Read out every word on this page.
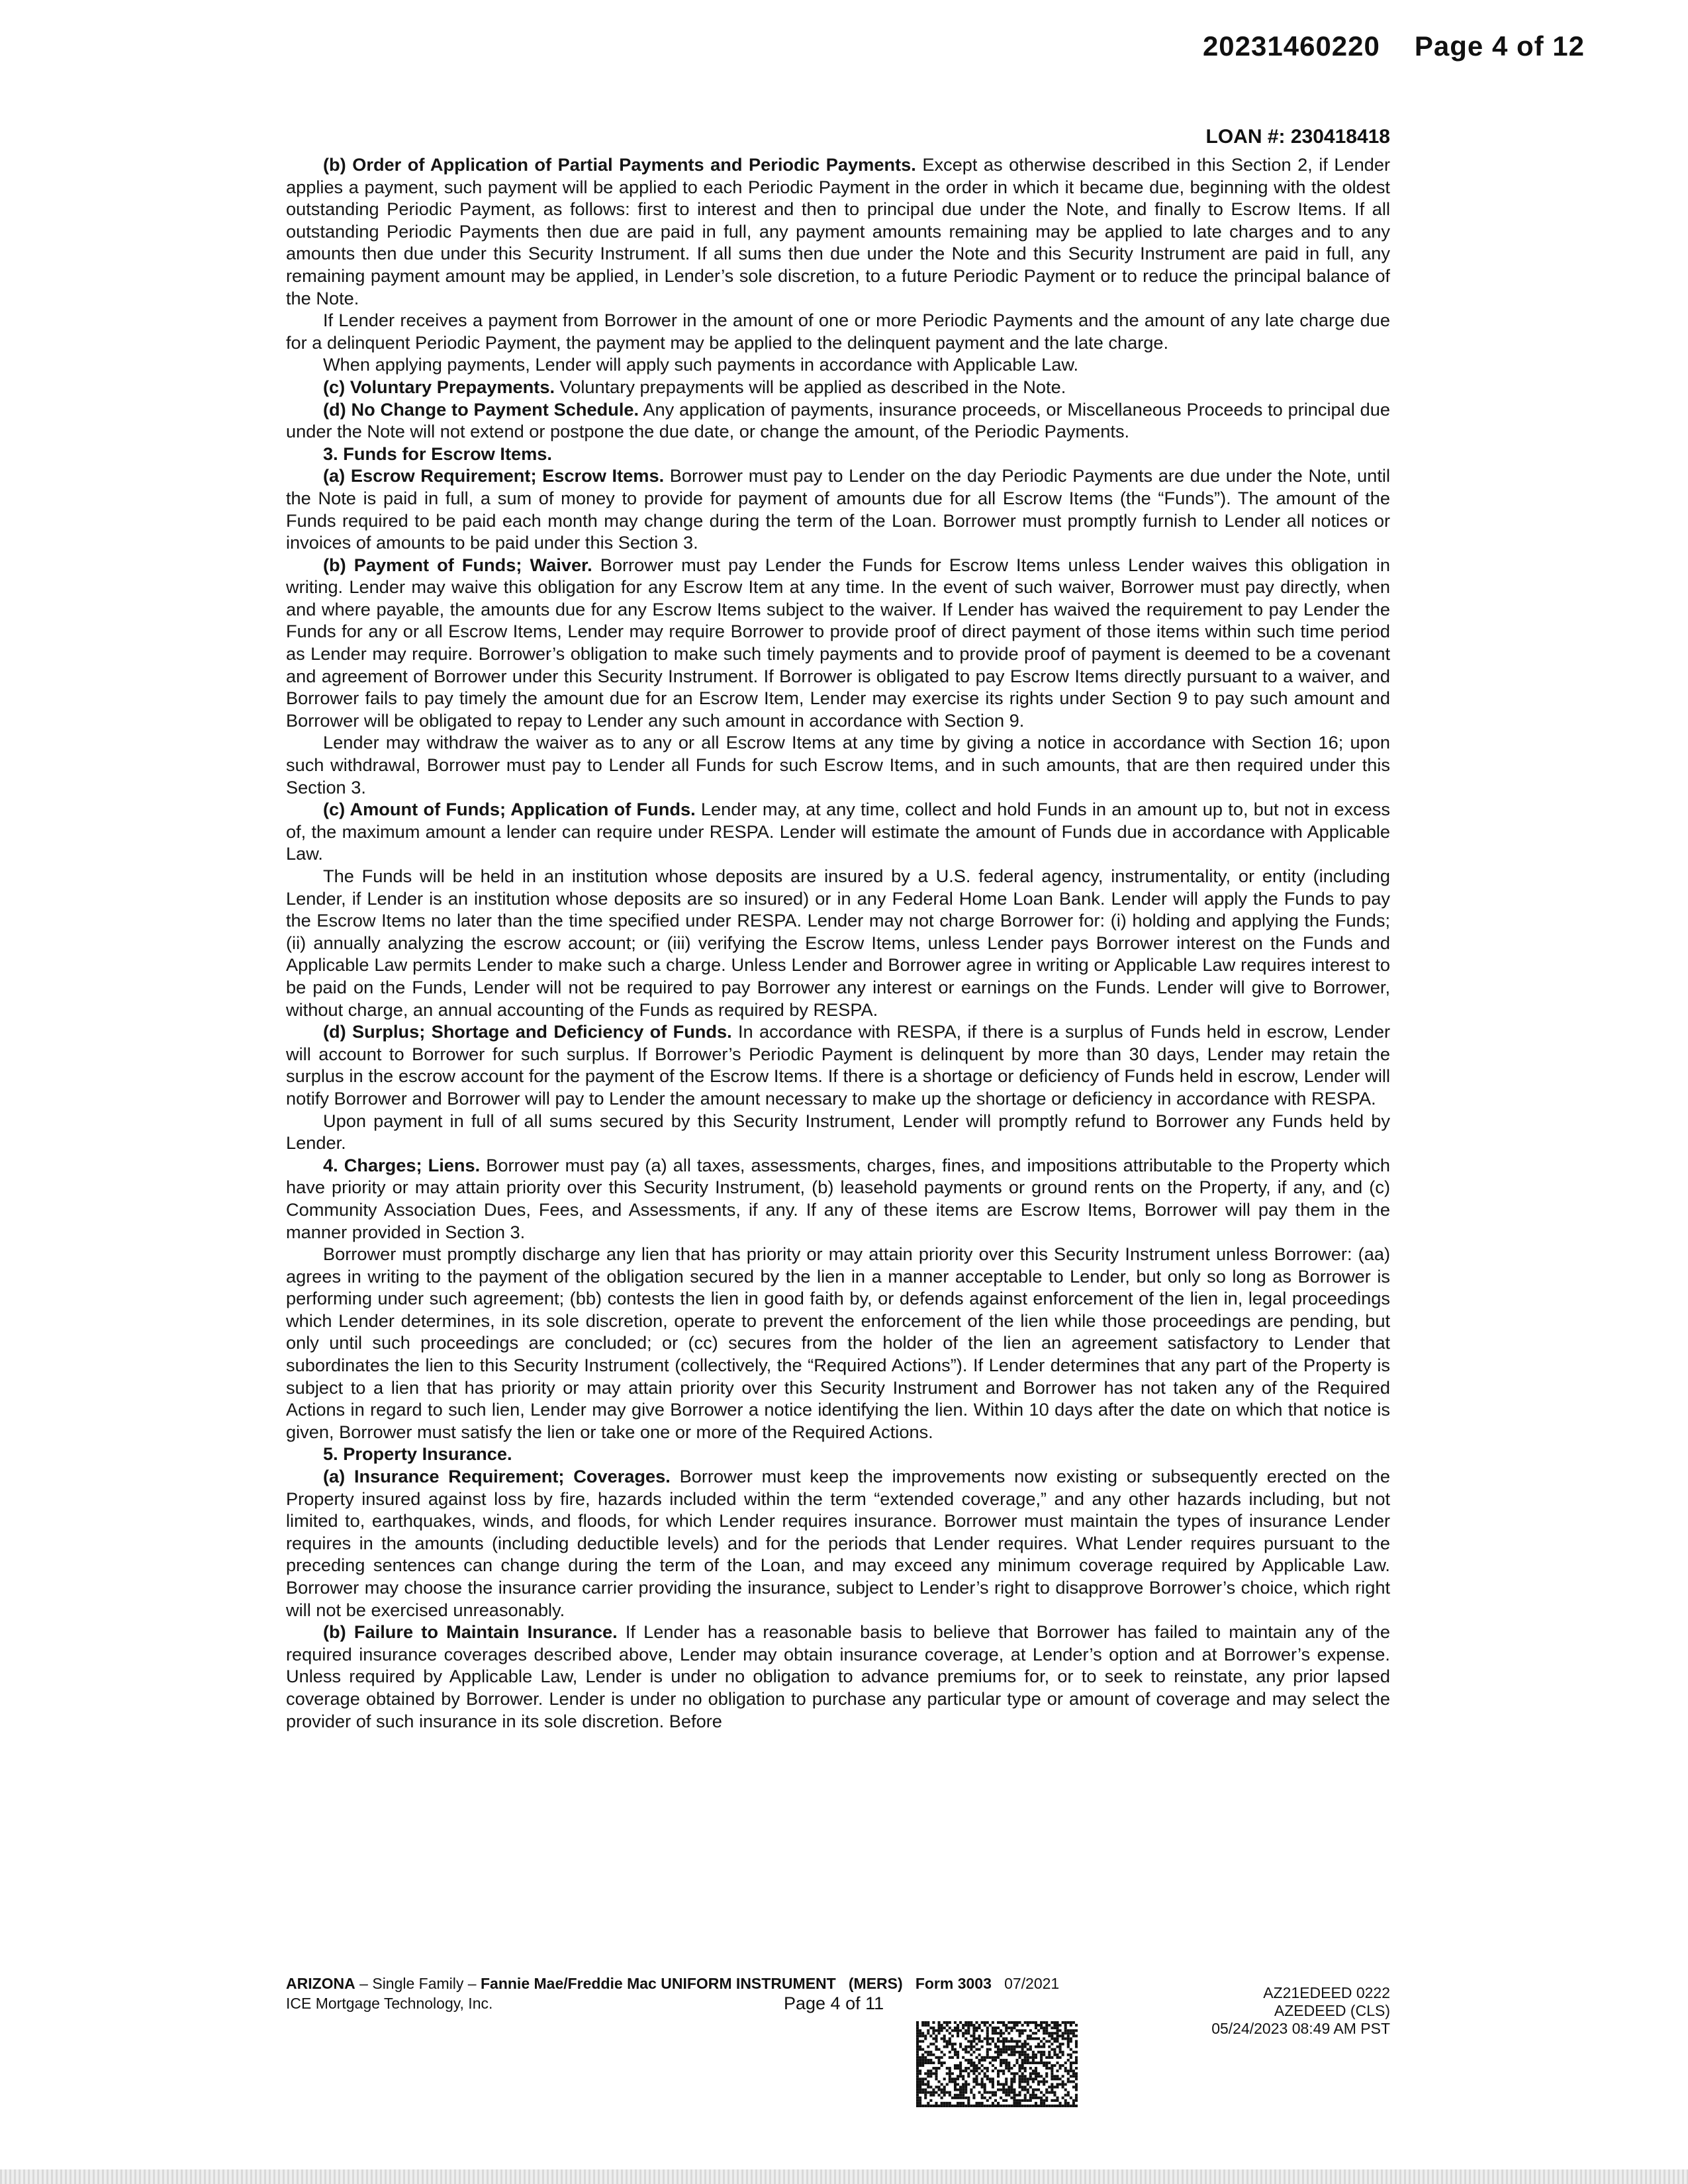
20231460220 Page 4 of 12
LOAN #: 230418418

(b) Order of Application of Partial Payments and Periodic Payments. Except as otherwise described in this Section 2, if Lender applies a payment, such payment will be applied to each Periodic Payment in the order in which it became due, beginning with the oldest outstanding Periodic Payment, as follows: first to interest and then to principal due under the Note, and finally to Escrow Items. If all outstanding Periodic Payments then due are paid in full, any payment amounts remaining may be applied to late charges and to any amounts then due under this Security Instrument. If all sums then due under the Note and this Security Instrument are paid in full, any remaining payment amount may be applied, in Lender’s sole discretion, to a future Periodic Payment or to reduce the principal balance of the Note.

If Lender receives a payment from Borrower in the amount of one or more Periodic Payments and the amount of any late charge due for a delinquent Periodic Payment, the payment may be applied to the delinquent payment and the late charge.

When applying payments, Lender will apply such payments in accordance with Applicable Law.

(c) Voluntary Prepayments. Voluntary prepayments will be applied as described in the Note.

(d) No Change to Payment Schedule. Any application of payments, insurance proceeds, or Miscellaneous Proceeds to principal due under the Note will not extend or postpone the due date, or change the amount, of the Periodic Payments.

3. Funds for Escrow Items.

(a) Escrow Requirement; Escrow Items. Borrower must pay to Lender on the day Periodic Payments are due under the Note, until the Note is paid in full, a sum of money to provide for payment of amounts due for all Escrow Items (the “Funds”). The amount of the Funds required to be paid each month may change during the term of the Loan. Borrower must promptly furnish to Lender all notices or invoices of amounts to be paid under this Section 3.

(b) Payment of Funds; Waiver. Borrower must pay Lender the Funds for Escrow Items unless Lender waives this obligation in writing. Lender may waive this obligation for any Escrow Item at any time. In the event of such waiver, Borrower must pay directly, when and where payable, the amounts due for any Escrow Items subject to the waiver. If Lender has waived the requirement to pay Lender the Funds for any or all Escrow Items, Lender may require Borrower to provide proof of direct payment of those items within such time period as Lender may require. Borrower’s obligation to make such timely payments and to provide proof of payment is deemed to be a covenant and agreement of Borrower under this Security Instrument. If Borrower is obligated to pay Escrow Items directly pursuant to a waiver, and Borrower fails to pay timely the amount due for an Escrow Item, Lender may exercise its rights under Section 9 to pay such amount and Borrower will be obligated to repay to Lender any such amount in accordance with Section 9.

Lender may withdraw the waiver as to any or all Escrow Items at any time by giving a notice in accordance with Section 16; upon such withdrawal, Borrower must pay to Lender all Funds for such Escrow Items, and in such amounts, that are then required under this Section 3.

(c) Amount of Funds; Application of Funds. Lender may, at any time, collect and hold Funds in an amount up to, but not in excess of, the maximum amount a lender can require under RESPA. Lender will estimate the amount of Funds due in accordance with Applicable Law.

The Funds will be held in an institution whose deposits are insured by a U.S. federal agency, instrumentality, or entity (including Lender, if Lender is an institution whose deposits are so insured) or in any Federal Home Loan Bank. Lender will apply the Funds to pay the Escrow Items no later than the time specified under RESPA. Lender may not charge Borrower for: (i) holding and applying the Funds; (ii) annually analyzing the escrow account; or (iii) verifying the Escrow Items, unless Lender pays Borrower interest on the Funds and Applicable Law permits Lender to make such a charge. Unless Lender and Borrower agree in writing or Applicable Law requires interest to be paid on the Funds, Lender will not be required to pay Borrower any interest or earnings on the Funds. Lender will give to Borrower, without charge, an annual accounting of the Funds as required by RESPA.

(d) Surplus; Shortage and Deficiency of Funds. In accordance with RESPA, if there is a surplus of Funds held in escrow, Lender will account to Borrower for such surplus. If Borrower’s Periodic Payment is delinquent by more than 30 days, Lender may retain the surplus in the escrow account for the payment of the Escrow Items. If there is a shortage or deficiency of Funds held in escrow, Lender will notify Borrower and Borrower will pay to Lender the amount necessary to make up the shortage or deficiency in accordance with RESPA.

Upon payment in full of all sums secured by this Security Instrument, Lender will promptly refund to Borrower any Funds held by Lender.

4. Charges; Liens. Borrower must pay (a) all taxes, assessments, charges, fines, and impositions attributable to the Property which have priority or may attain priority over this Security Instrument, (b) leasehold payments or ground rents on the Property, if any, and (c) Community Association Dues, Fees, and Assessments, if any. If any of these items are Escrow Items, Borrower will pay them in the manner provided in Section 3.

Borrower must promptly discharge any lien that has priority or may attain priority over this Security Instrument unless Borrower: (aa) agrees in writing to the payment of the obligation secured by the lien in a manner acceptable to Lender, but only so long as Borrower is performing under such agreement; (bb) contests the lien in good faith by, or defends against enforcement of the lien in, legal proceedings which Lender determines, in its sole discretion, operate to prevent the enforcement of the lien while those proceedings are pending, but only until such proceedings are concluded; or (cc) secures from the holder of the lien an agreement satisfactory to Lender that subordinates the lien to this Security Instrument (collectively, the “Required Actions”). If Lender determines that any part of the Property is subject to a lien that has priority or may attain priority over this Security Instrument and Borrower has not taken any of the Required Actions in regard to such lien, Lender may give Borrower a notice identifying the lien. Within 10 days after the date on which that notice is given, Borrower must satisfy the lien or take one or more of the Required Actions.

5. Property Insurance.

(a) Insurance Requirement; Coverages. Borrower must keep the improvements now existing or subsequently erected on the Property insured against loss by fire, hazards included within the term “extended coverage,” and any other hazards including, but not limited to, earthquakes, winds, and floods, for which Lender requires insurance. Borrower must maintain the types of insurance Lender requires in the amounts (including deductible levels) and for the periods that Lender requires. What Lender requires pursuant to the preceding sentences can change during the term of the Loan, and may exceed any minimum coverage required by Applicable Law. Borrower may choose the insurance carrier providing the insurance, subject to Lender’s right to disapprove Borrower’s choice, which right will not be exercised unreasonably.

(b) Failure to Maintain Insurance. If Lender has a reasonable basis to believe that Borrower has failed to maintain any of the required insurance coverages described above, Lender may obtain insurance coverage, at Lender’s option and at Borrower’s expense. Unless required by Applicable Law, Lender is under no obligation to advance premiums for, or to seek to reinstate, any prior lapsed coverage obtained by Borrower. Lender is under no obligation to purchase any particular type or amount of coverage and may select the provider of such insurance in its sole discretion. Before

ARIZONA – Single Family – Fannie Mae/Freddie Mac UNIFORM INSTRUMENT (MERS) Form 3003 07/2021
ICE Mortgage Technology, Inc.	Page 4 of 11
AZ21EDEED 0222
AZEDEED (CLS)
05/24/2023 08:49 AM PST
